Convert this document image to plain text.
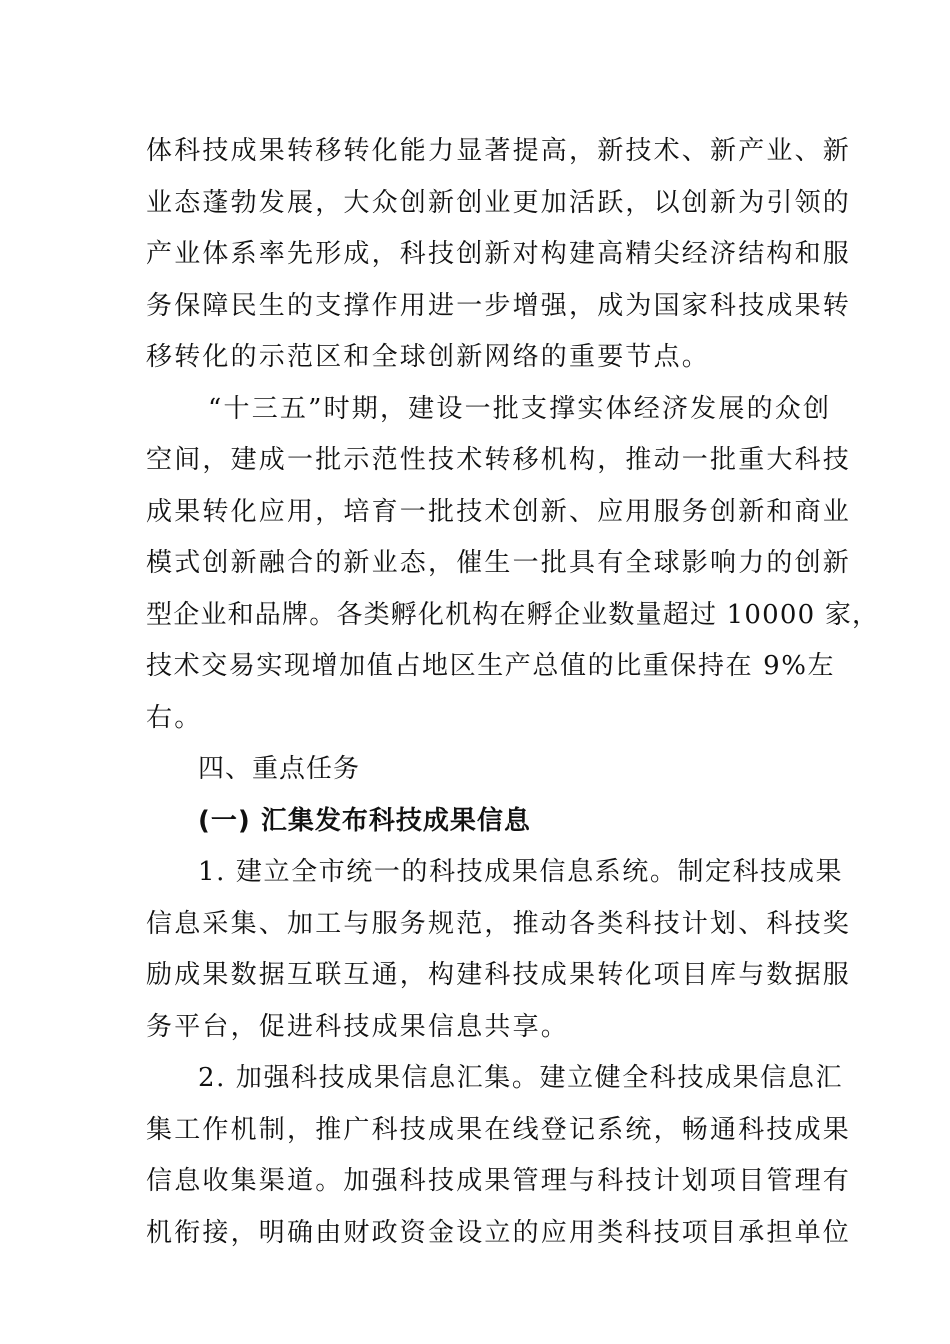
体科技成果转移转化能力显著提高，新技术、新产业、新
业态蓬勃发展，大众创新创业更加活跃，以创新为引领的
产业体系率先形成，科技创新对构建高精尖经济结构和服
务保障民生的支撑作用进一步增强，成为国家科技成果转
移转化的示范区和全球创新网络的重要节点。
“十三五”时期，建设一批支撑实体经济发展的众创
空间，建成一批示范性技术转移机构，推动一批重大科技
成果转化应用，培育一批技术创新、应用服务创新和商业
模式创新融合的新业态，催生一批具有全球影响力的创新
型企业和品牌。各类孵化机构在孵企业数量超过 10000 家，
技术交易实现增加值占地区生产总值的比重保持在 9%左
右。
四、重点任务
(一) 汇集发布科技成果信息
1. 建立全市统一的科技成果信息系统。制定科技成果
信息采集、加工与服务规范，推动各类科技计划、科技奖
励成果数据互联互通，构建科技成果转化项目库与数据服
务平台，促进科技成果信息共享。
2. 加强科技成果信息汇集。建立健全科技成果信息汇
集工作机制，推广科技成果在线登记系统，畅通科技成果
信息收集渠道。加强科技成果管理与科技计划项目管理有
机衔接，明确由财政资金设立的应用类科技项目承担单位
